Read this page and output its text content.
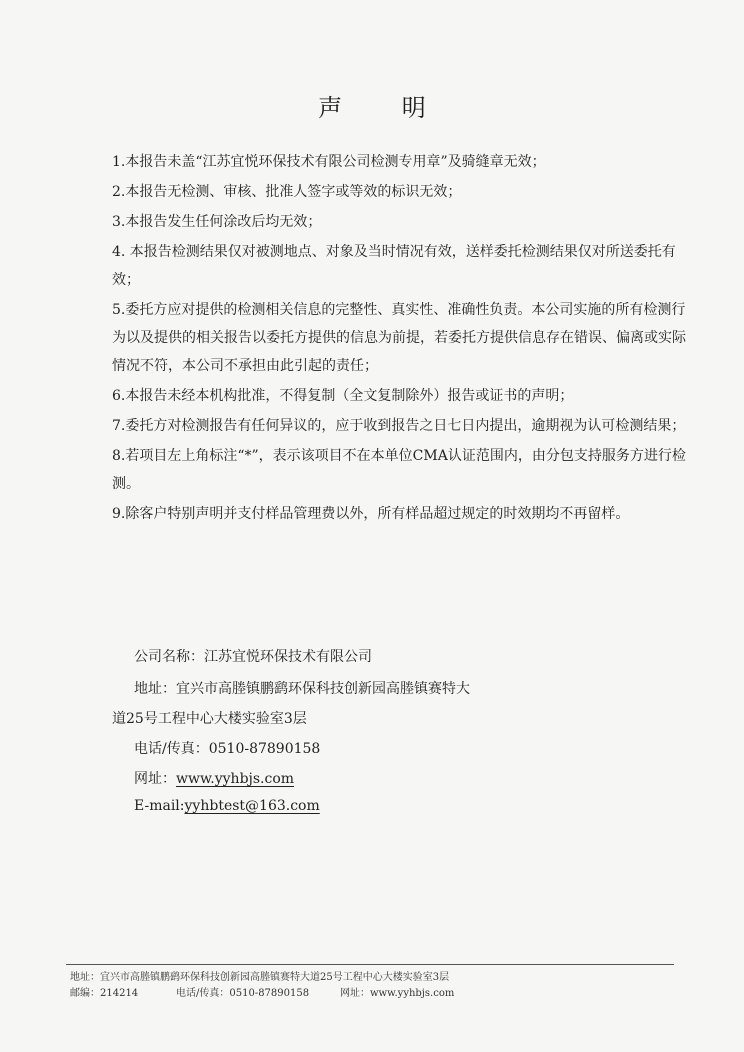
声 明
1.本报告未盖“江苏宜悦环保技术有限公司检测专用章”及骑缝章无效；
2.本报告无检测、审核、批准人签字或等效的标识无效；
3.本报告发生任何涂改后均无效；
4. 本报告检测结果仅对被测地点、对象及当时情况有效，送样委托检测结果仅对所送委托有效；
5.委托方应对提供的检测相关信息的完整性、真实性、准确性负责。本公司实施的所有检测行为以及提供的相关报告以委托方提供的信息为前提，若委托方提供信息存在错误、偏离或实际情况不符，本公司不承担由此引起的责任；
6.本报告未经本机构批准，不得复制（全文复制除外）报告或证书的声明；
7.委托方对检测报告有任何异议的，应于收到报告之日七日内提出，逾期视为认可检测结果；
8.若项目左上角标注“*”，表示该项目不在本单位CMA认证范围内，由分包支持服务方进行检测。
9.除客户特别声明并支付样品管理费以外，所有样品超过规定的时效期均不再留样。
公司名称：江苏宜悦环保技术有限公司
地址：宜兴市高塍镇鹏鹞环保科技创新园高塍镇赛特大
道25号工程中心大楼实验室3层
电话/传真：0510-87890158
网址：www.yyhbjs.com
E-mail:yyhbtest@163.com
地址：宜兴市高塍镇鹏鹞环保科技创新园高塍镇赛特大道25号工程中心大楼实验室3层
邮编：214214	电话/传真：0510-87890158	网址：www.yyhbjs.com
